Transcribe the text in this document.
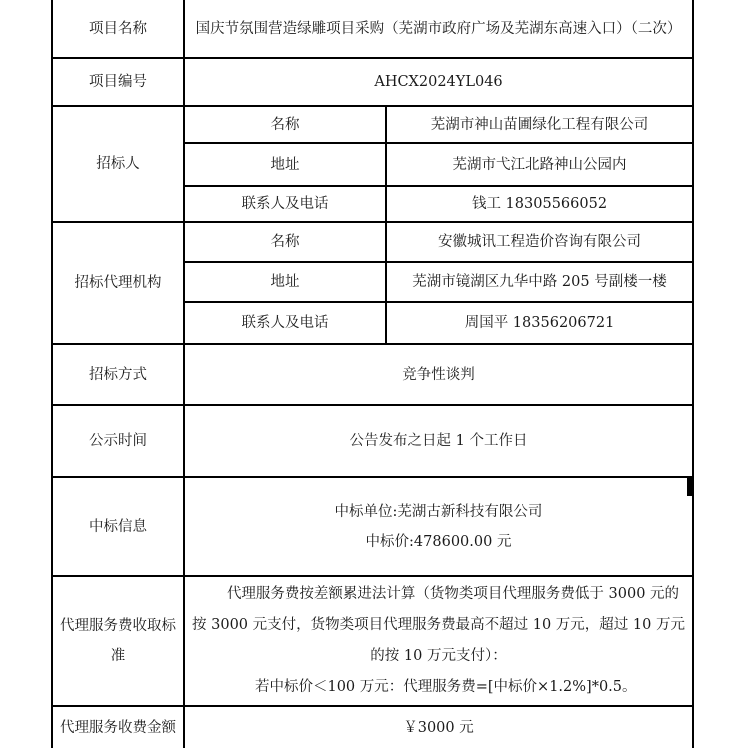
项目名称	国庆节氛围营造绿雕项目采购（芜湖市政府广场及芜湖东高速入口）（二次）	
项目编号	AHCX2024YL046	
招标人	名称	芜湖市神山苗圃绿化工程有限公司
	地址	芜湖市弋江北路神山公园内
	联系人及电话	钱工 18305566052
招标代理机构	名称	安徽城讯工程造价咨询有限公司
	地址	芜湖市镜湖区九华中路 205 号副楼一楼
	联系人及电话	周国平 18356206721
招标方式	竞争性谈判	
公示时间	公告发布之日起 1 个工作日	
中标信息	中标单位:芜湖古新科技有限公司
中标价:478600.00 元	

代理服务费收取标准	代理服务费按差额累进法计算（货物类项目代理服务费低于 3000 元的
按 3000 元支付，货物类项目代理服务费最高不超过 10 万元，超过 10 万元
的按 10 万元支付）：
若中标价＜100 万元：代理服务费=[中标价×1.2%]*0.5。	

代理服务收费金额	￥3000 元	
